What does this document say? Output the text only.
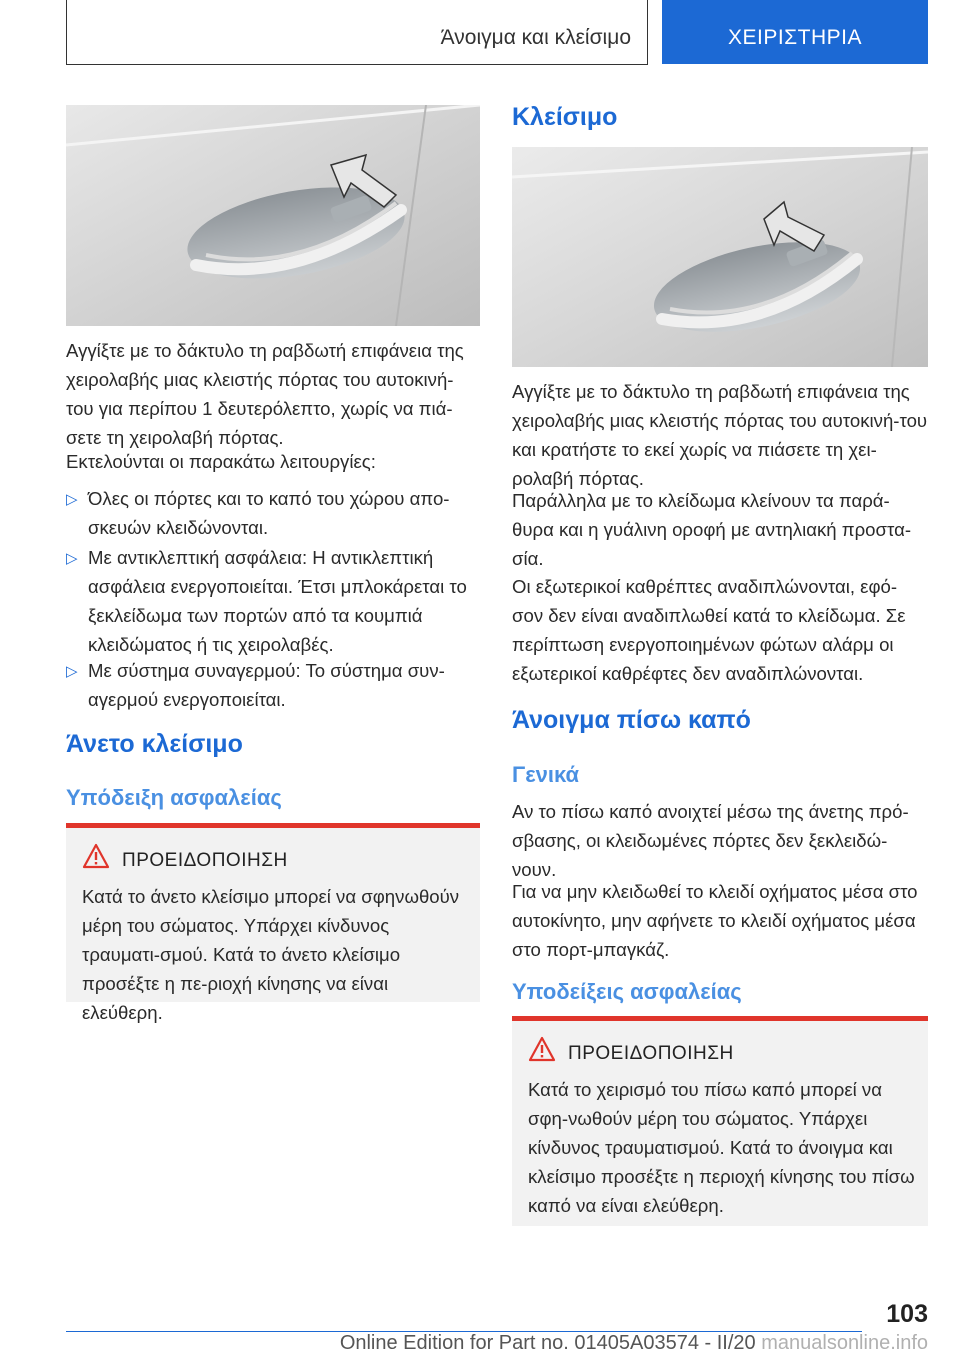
Άνοιγμα και κλείσιμο	ΧΕΙΡΙΣΤΗΡΙΑ

Αγγίξτε με το δάκτυλο τη ραβδωτή επιφάνεια της χειρολαβής μιας κλειστής πόρτας του αυτοκινή-του για περίπου 1 δευτερόλεπτο, χωρίς να πιά-σετε τη χειρολαβή πόρτας.

Εκτελούνται οι παρακάτω λειτουργίες:

▷ Όλες οι πόρτες και το καπό του χώρου απο-σκευών κλειδώνονται.
▷ Με αντικλεπτική ασφάλεια: Η αντικλεπτική ασφάλεια ενεργοποιείται. Έτσι μπλοκάρεται το ξεκλείδωμα των πορτών από τα κουμπιά κλειδώματος ή τις χειρολαβές.
▷ Με σύστημα συναγερμού: Το σύστημα συν-αγερμού ενεργοποιείται.
Άνετο κλείσιμο
Υπόδειξη ασφαλείας
ΠΡΟΕΙΔΟΠΟΙΗΣΗ

Κατά το άνετο κλείσιμο μπορεί να σφηνωθούν μέρη του σώματος. Υπάρχει κίνδυνος τραυματι-σμού. Κατά το άνετο κλείσιμο προσέξτε η πε-ριοχή κίνησης να είναι ελεύθερη.

Κλείσιμο

Αγγίξτε με το δάκτυλο τη ραβδωτή επιφάνεια της χειρολαβής μιας κλειστής πόρτας του αυτοκινή-του και κρατήστε το εκεί χωρίς να πιάσετε τη χει-ρολαβή πόρτας.

Παράλληλα με το κλείδωμα κλείνουν τα παρά-θυρα και η γυάλινη οροφή με αντηλιακή προστα-σία.

Οι εξωτερικοί καθρέπτες αναδιπλώνονται, εφό-σον δεν είναι αναδιπλωθεί κατά το κλείδωμα. Σε περίπτωση ενεργοποιημένων φώτων αλάρμ οι εξωτερικοί καθρέφτες δεν αναδιπλώνονται.

Άνοιγμα πίσω καπό
Γενικά

Αν το πίσω καπό ανοιχτεί μέσω της άνετης πρό-σβασης, οι κλειδωμένες πόρτες δεν ξεκλειδώ-νουν.

Για να μην κλειδωθεί το κλειδί οχήματος μέσα στο αυτοκίνητο, μην αφήνετε το κλειδί οχήματος μέσα στο πορτ-μπαγκάζ.

Υποδείξεις ασφαλείας
ΠΡΟΕΙΔΟΠΟΙΗΣΗ

Κατά το χειρισμό του πίσω καπό μπορεί να σφη-νωθούν μέρη του σώματος. Υπάρχει κίνδυνος τραυματισμού. Κατά το άνοιγμα και κλείσιμο προσέξτε η περιοχή κίνησης του πίσω καπό να είναι ελεύθερη.

103
Online Edition for Part no. 01405A03574 - II/20 manualsonline.info
